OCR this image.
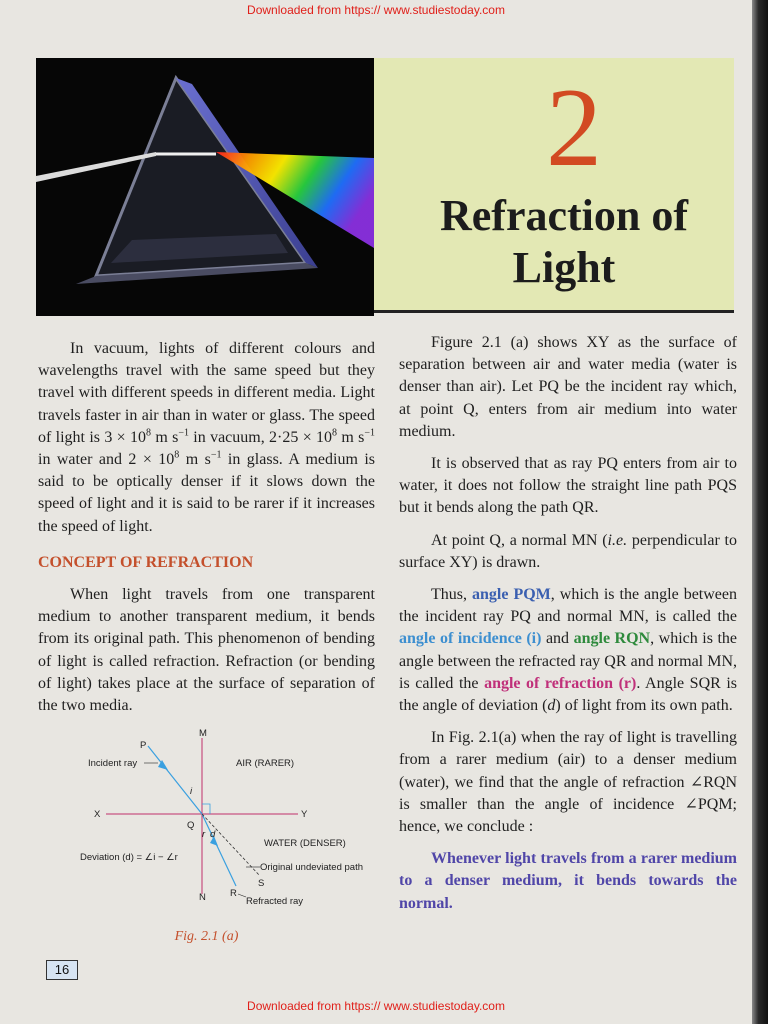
Downloaded from https:// www.studiestoday.com
2
Refraction of
Light

In vacuum, lights of different colours and wavelengths travel with the same speed but they travel with different speeds in different media. Light travels faster in air than in water or glass. The speed of light is $3 \times 10^8$ m $s^{-1}$ in vacuum, $2\cdot 25 \times 10^8$ m $s^{-1}$ in water and $2 \times 10^8$ m $s^{-1}$ in glass. A medium is said to be optically denser if it slows down the speed of light and it is said to be rarer if it increases the speed of light.

CONCEPT OF REFRACTION

When light travels from one transparent medium to another transparent medium, it bends from its original path. This phenomenon of bending of light is called refraction. Refraction (or bending of light) takes place at the surface of separation of the two media.

M
P
Incident ray	AIR (RARER)
i
X	Y
Q
r d
WATER (DENSER)
Deviation (d) = ∠i − ∠r
Original undeviated path
S
N	R
Refracted ray
Fig. 2.1 (a)

Figure 2.1 (a) shows XY as the surface of separation between air and water media (water is denser than air). Let PQ be the incident ray which, at point Q, enters from air medium into water medium.

It is observed that as ray PQ enters from air to water, it does not follow the straight line path PQS but it bends along the path QR.

At point Q, a normal MN (i.e. perpendicular to surface XY) is drawn.

Thus, angle PQM, which is the angle between the incident ray PQ and normal MN, is called the angle of incidence (i) and angle RQN, which is the angle between the refracted ray QR and normal MN, is called the angle of refraction (r). Angle SQR is the angle of deviation (d) of light from its own path.

In Fig. 2.1(a) when the ray of light is travelling from a rarer medium (air) to a denser medium (water), we find that the angle of refraction ∠RQN is smaller than the angle of incidence ∠PQM; hence, we conclude :

Whenever light travels from a rarer medium to a denser medium, it bends towards the normal.

16
Downloaded from https:// www.studiestoday.com
